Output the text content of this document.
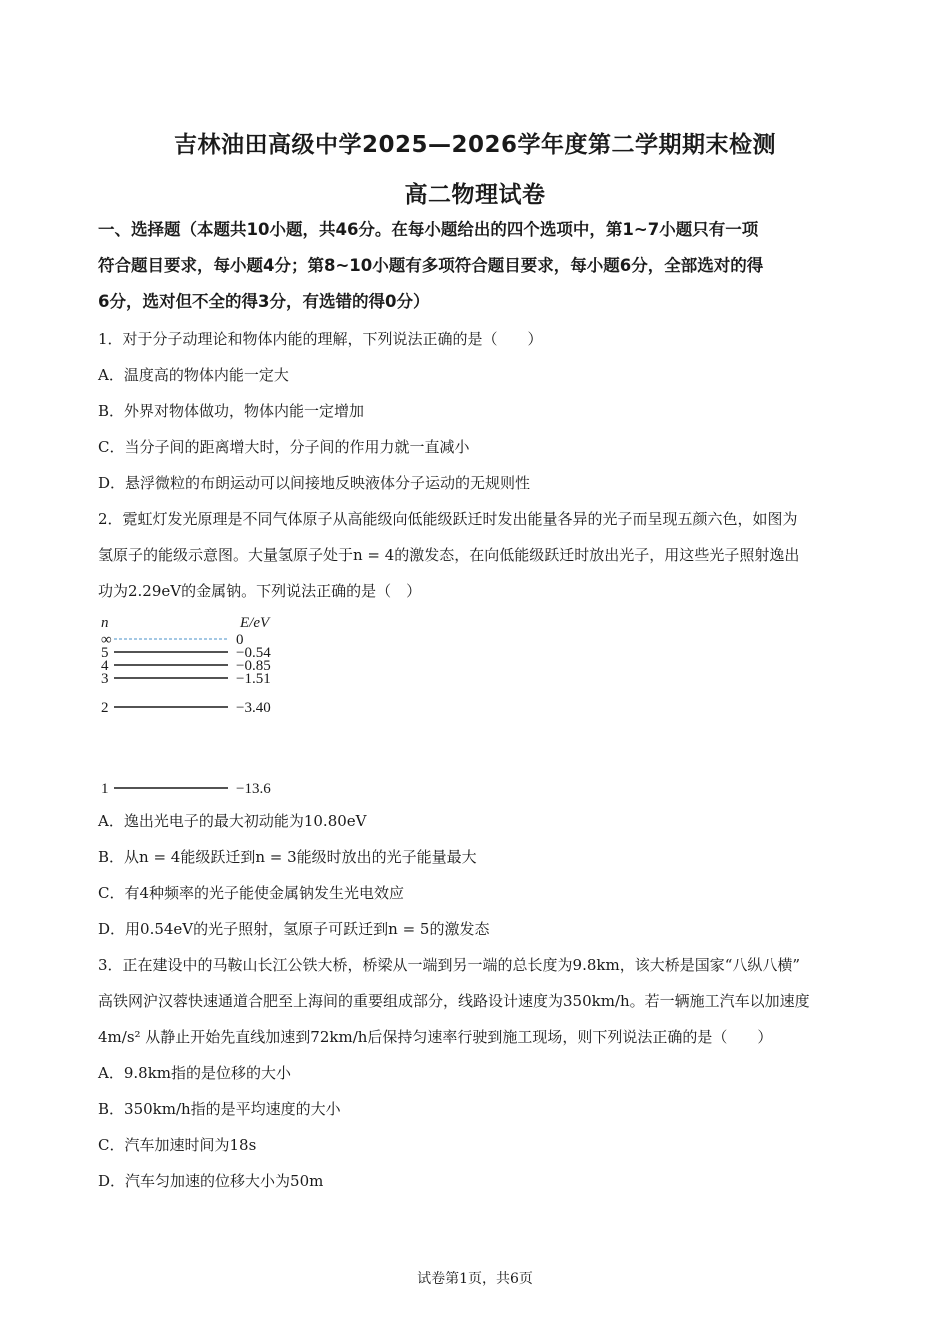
吉林油田高级中学2025—2026学年度第二学期期末检测
高二物理试卷
一、选择题（本题共10小题，共46分。在每小题给出的四个选项中，第1~7小题只有一项
符合题目要求，每小题4分；第8~10小题有多项符合题目要求，每小题6分，全部选对的得
6分，选对但不全的得3分，有选错的得0分）
1．对于分子动理论和物体内能的理解，下列说法正确的是（　　）
A．温度高的物体内能一定大
B．外界对物体做功，物体内能一定增加
C．当分子间的距离增大时，分子间的作用力就一直减小
D．悬浮微粒的布朗运动可以间接地反映液体分子运动的无规则性
2．霓虹灯发光原理是不同气体原子从高能级向低能级跃迁时发出能量各异的光子而呈现五颜六色，如图为
氢原子的能级示意图。大量氢原子处于n = 4的激发态，在向低能级跃迁时放出光子，用这些光子照射逸出
功为2.29eV的金属钠。下列说法正确的是（　）
n	E/eV
∞	0
5	−0.54
4	−0.85
3	−1.51
2	−3.40
1	−13.6
A．逸出光电子的最大初动能为10.80eV
B．从n = 4能级跃迁到n = 3能级时放出的光子能量最大
C．有4种频率的光子能使金属钠发生光电效应
D．用0.54eV的光子照射，氢原子可跃迁到n = 5的激发态
3．正在建设中的马鞍山长江公铁大桥，桥梁从一端到另一端的总长度为9.8km，该大桥是国家“八纵八横”
高铁网沪汉蓉快速通道合肥至上海间的重要组成部分，线路设计速度为350km/h。若一辆施工汽车以加速度
4m/s² 从静止开始先直线加速到72km/h后保持匀速率行驶到施工现场，则下列说法正确的是（　　）
A．9.8km指的是位移的大小
B．350km/h指的是平均速度的大小
C．汽车加速时间为18s
D．汽车匀加速的位移大小为50m
试卷第1页，共6页
